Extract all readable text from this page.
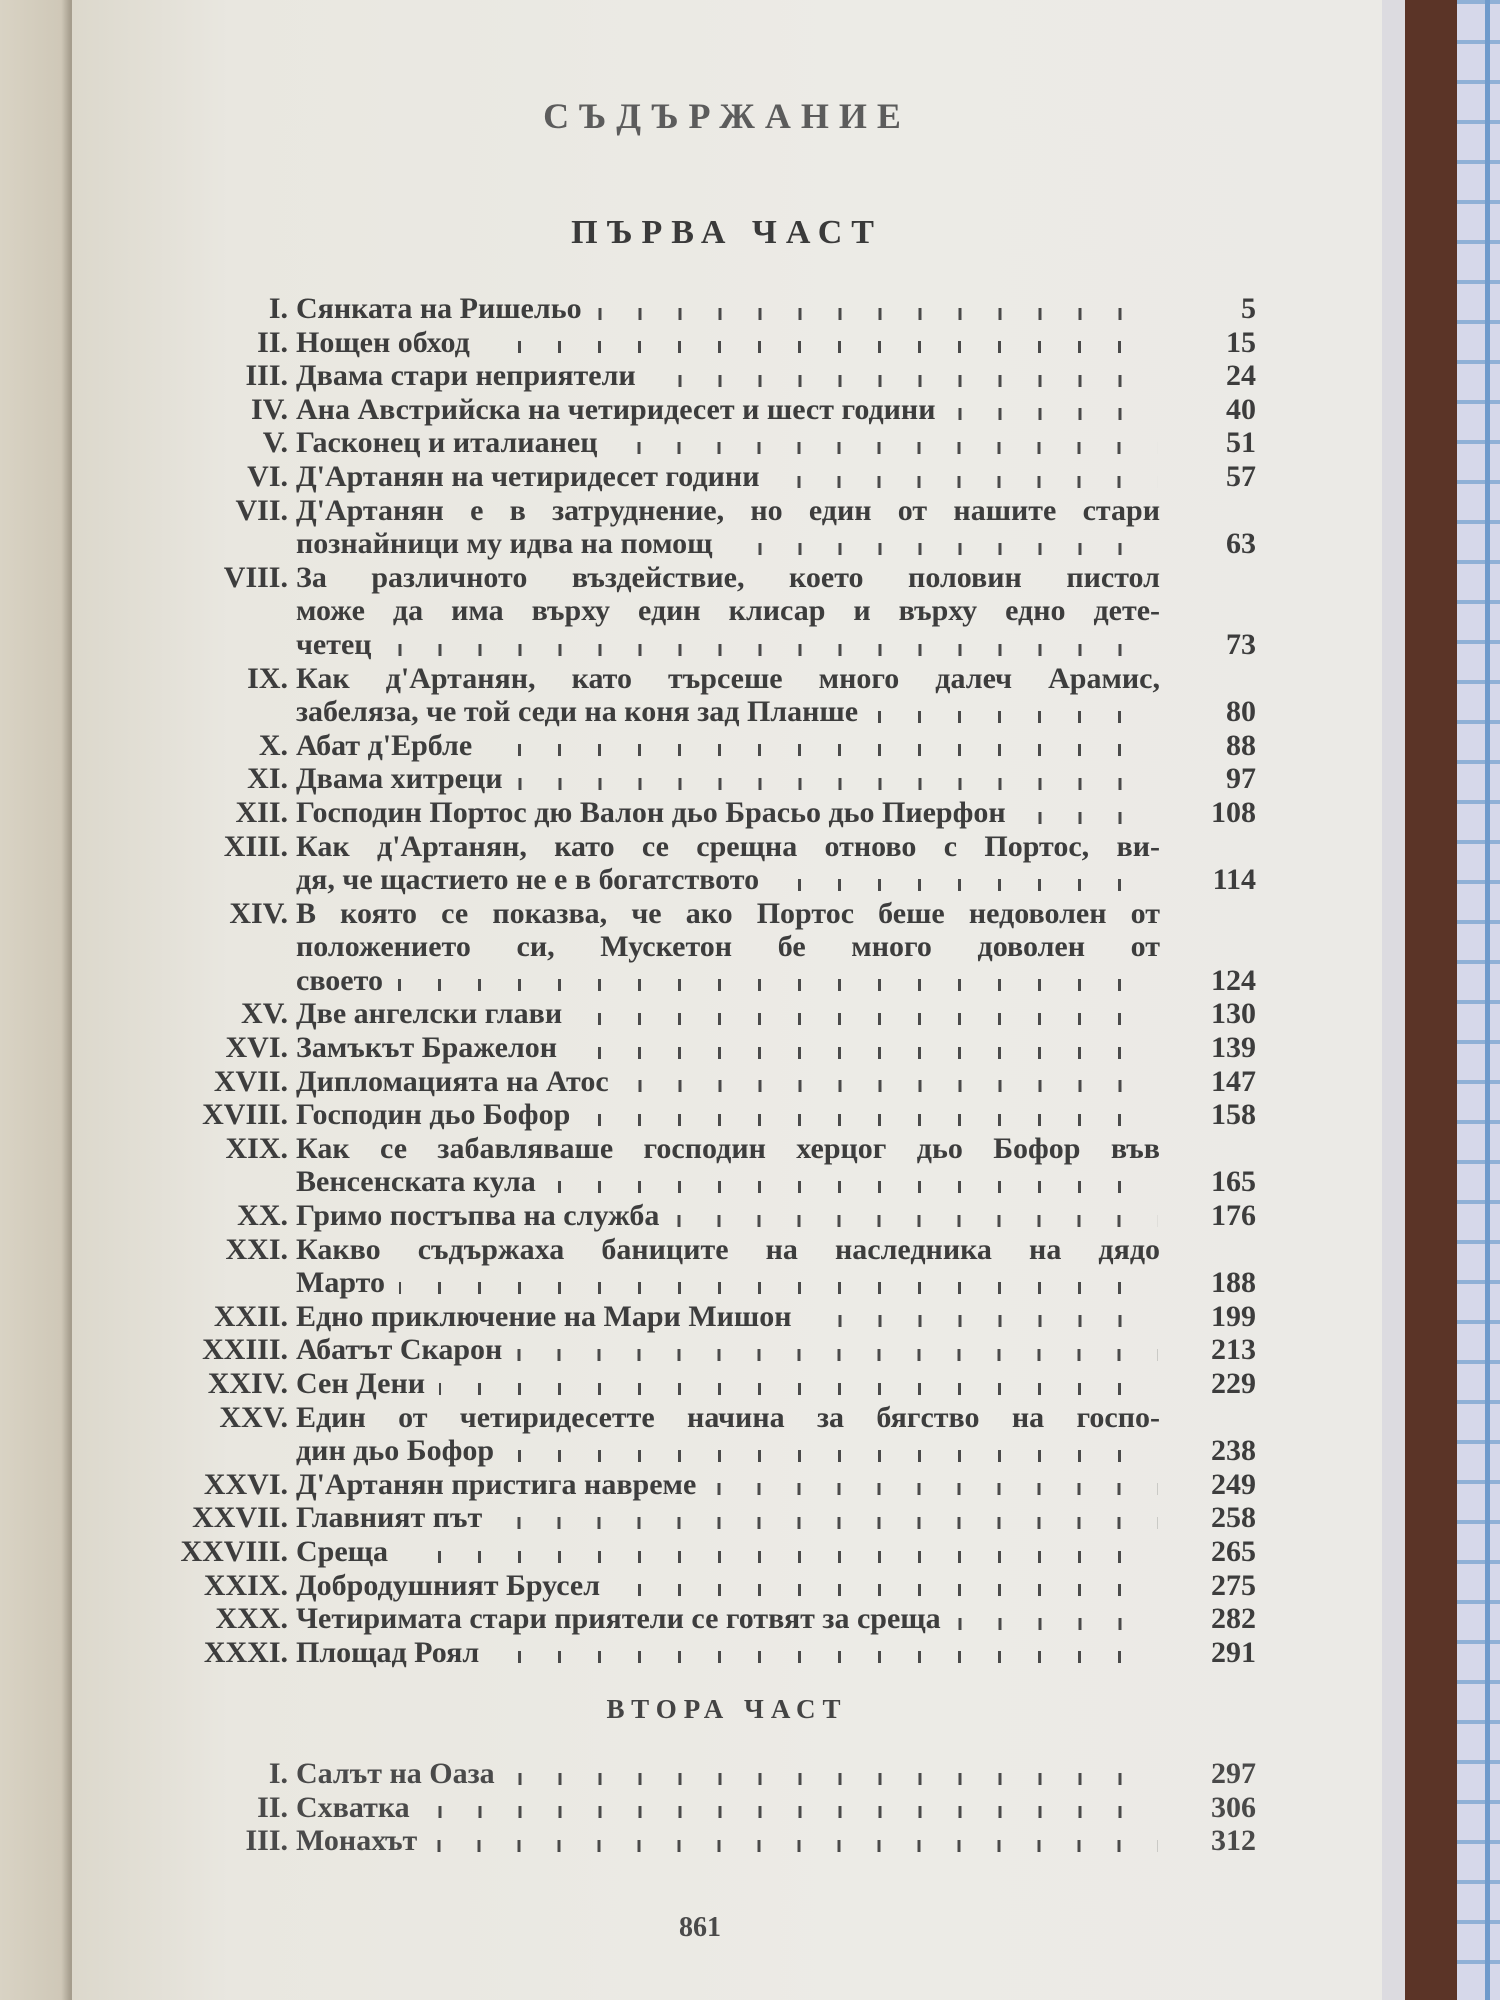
СЪДЪРЖАНИЕ
ПЪРВА ЧАСТ
I. Сянката на Ришельо	5
II. Нощен обход	15
III. Двама стари неприятели	24
IV. Ана Австрийска на четиридесет и шест години	40
V. Гасконец и италианец	51
VI. Д'Артанян на четиридесет години	57
VII. Д'Артанян е в затруднение, но един от нашите стари
познайници му идва на помощ	63
VIII. За различното въздействие, което половин пистол
може да има върху един клисар и върху едно дете-
четец	73
IX. Как д'Артанян, като търсеше много далеч Арамис,
забеляза, че той седи на коня зад Планше	80
X. Абат д'Ербле	88
XI. Двама хитреци	97
XII. Господин Портос дю Валон дьо Брасьо дьо Пиерфон	108
XIII. Как д'Артанян, като се срещна отново с Портос, ви-
дя, че щастието не е в богатството	114
XIV. В която се показва, че ако Портос беше недоволен от
положението си, Мускетон бе много доволен от
своето	124
XV. Две ангелски глави	130
XVI. Замъкът Бражелон	139
XVII. Дипломацията на Атос	147
XVIII. Господин дьо Бофор	158
XIX. Как се забавляваше господин херцог дьо Бофор във
Венсенската кула	165
XX. Гримо постъпва на служба	176
XXI. Какво съдържаха баниците на наследника на дядо
Марто	188
XXII. Едно приключение на Мари Мишон	199
XXIII. Абатът Скарон	213
XXIV. Сен Дени	229
XXV. Един от четиридесетте начина за бягство на госпо-
дин дьо Бофор	238
XXVI. Д'Артанян пристига навреме	249
XXVII. Главният път	258
XXVIII. Среща	265
XXIX. Добродушният Брусел	275
XXX. Четиримата стари приятели се готвят за среща	282
XXXI. Площад Роял	291
ВТОРА ЧАСТ
I. Салът на Оаза	297
II. Схватка	306
III. Монахът	312
861
